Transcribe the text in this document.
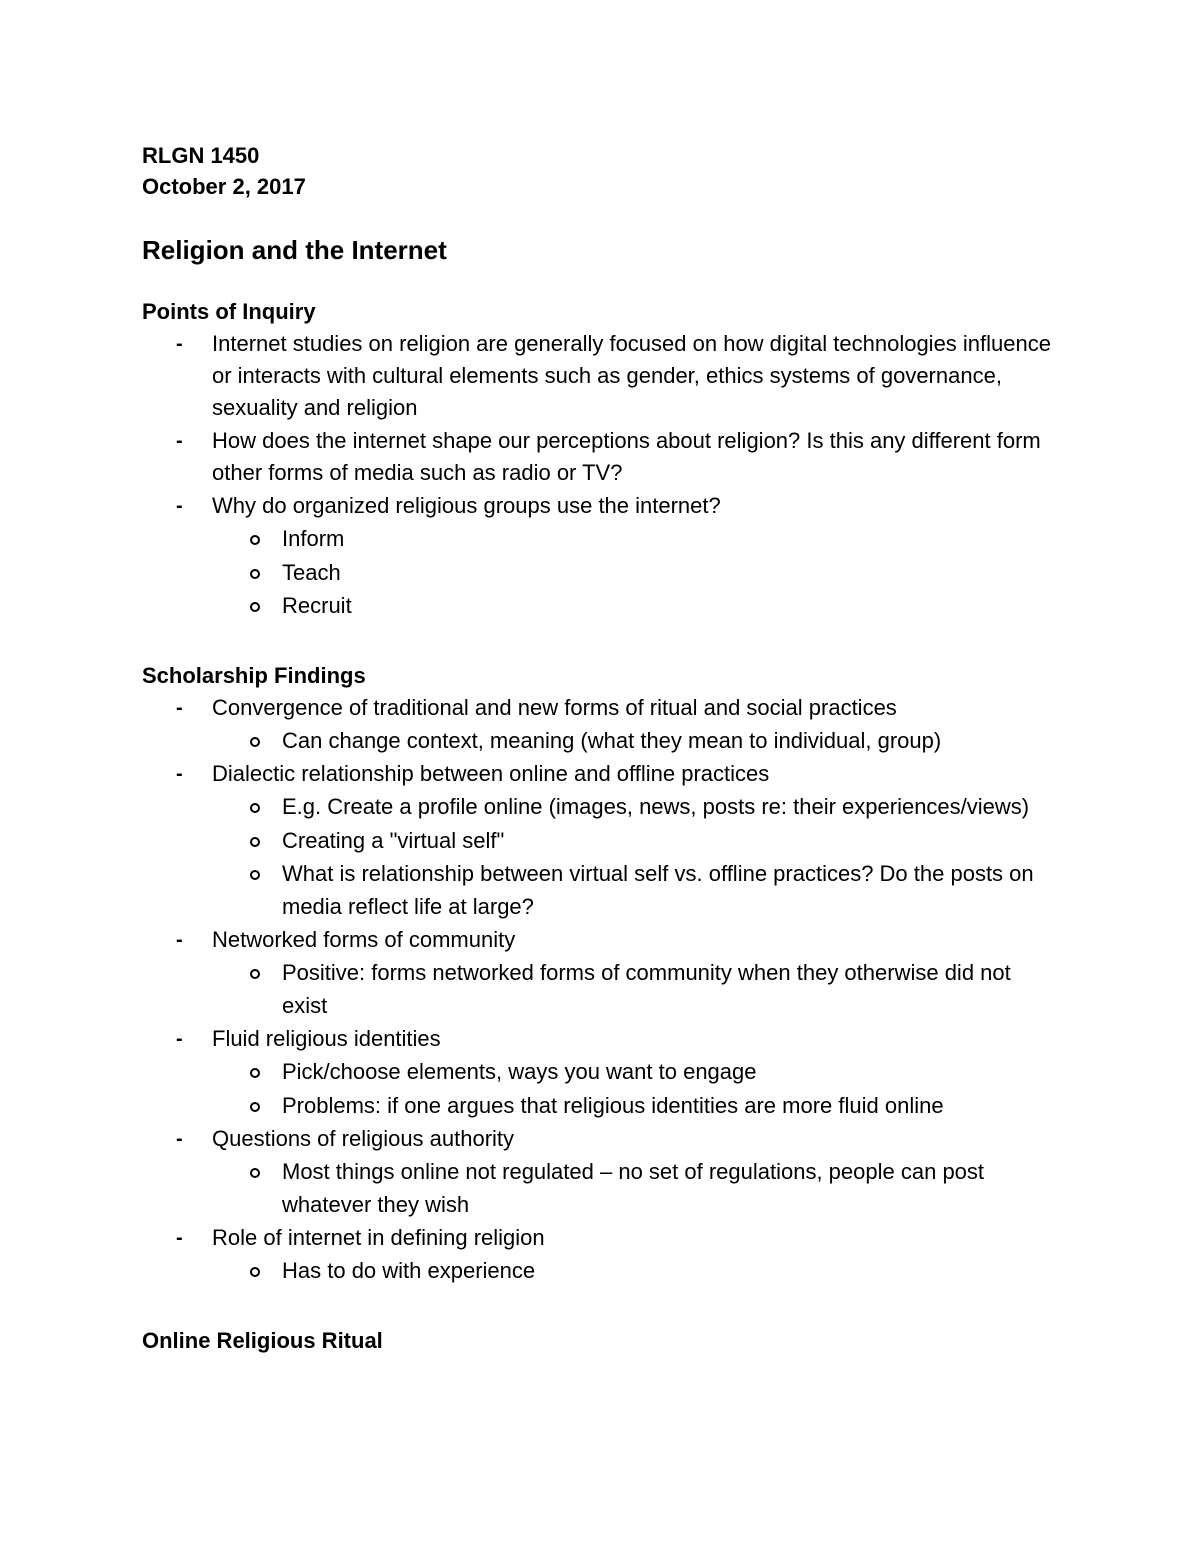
RLGN 1450

October 2, 2017

Religion and the Internet
Points of Inquiry
- Internet studies on religion are generally focused on how digital technologies influence or interacts with cultural elements such as gender, ethics systems of governance, sexuality and religion
- How does the internet shape our perceptions about religion? Is this any different form other forms of media such as radio or TV?
- Why do organized religious groups use the internet?
Inform
Teach
Recruit
Scholarship Findings
- Convergence of traditional and new forms of ritual and social practices
Can change context, meaning (what they mean to individual, group)
- Dialectic relationship between online and offline practices
E.g. Create a profile online (images, news, posts re: their experiences/views)
Creating a "virtual self"
What is relationship between virtual self vs. offline practices? Do the posts on media reflect life at large?
- Networked forms of community
Positive: forms networked forms of community when they otherwise did not exist
- Fluid religious identities
Pick/choose elements, ways you want to engage
Problems: if one argues that religious identities are more fluid online
- Questions of religious authority
Most things online not regulated – no set of regulations, people can post whatever they wish
- Role of internet in defining religion
Has to do with experience
Online Religious Ritual
